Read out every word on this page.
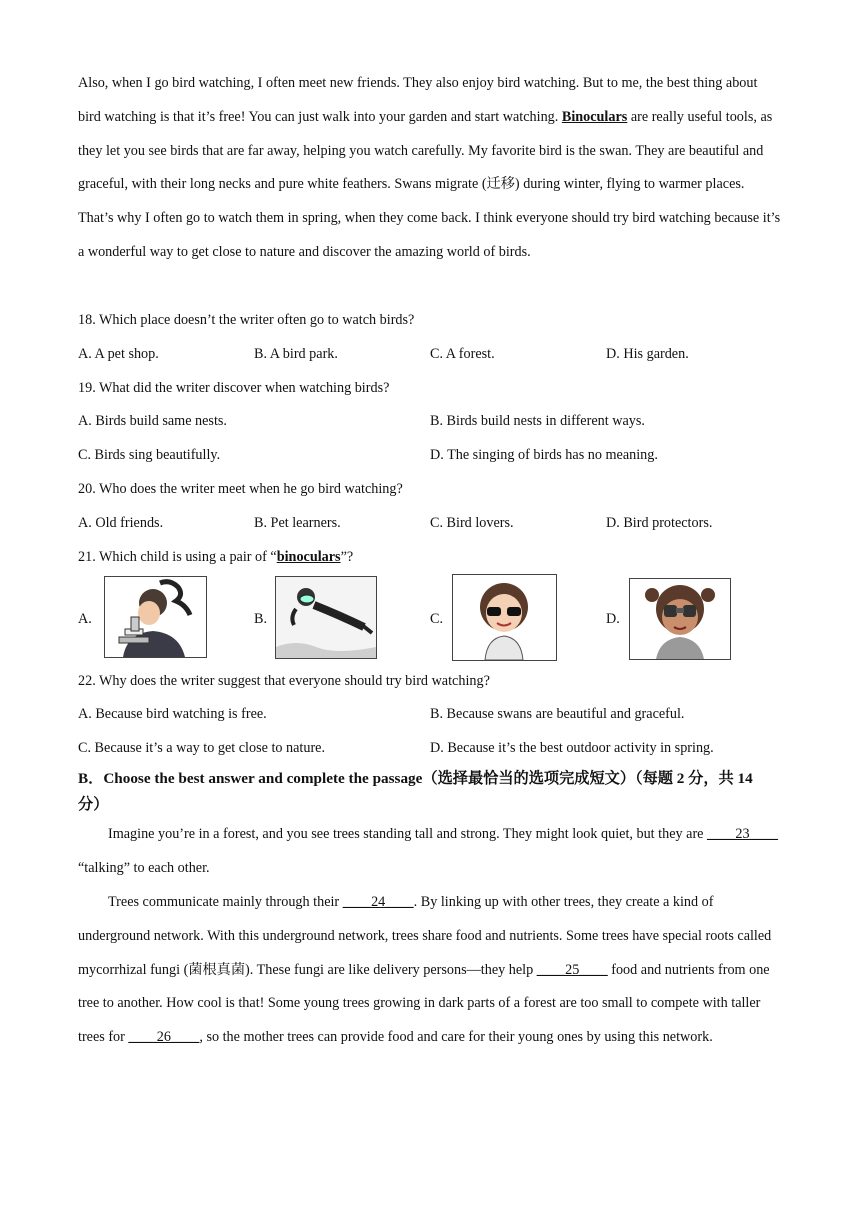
Also, when I go bird watching, I often meet new friends. They also enjoy bird watching. But to me, the best thing about bird watching is that it’s free! You can just walk into your garden and start watching. Binoculars are really useful tools, as they let you see birds that are far away, helping you watch carefully. My favorite bird is the swan. They are beautiful and graceful, with their long necks and pure white feathers. Swans migrate (迁移) during winter, flying to warmer places. That’s why I often go to watch them in spring, when they come back. I think everyone should try bird watching because it’s a wonderful way to get close to nature and discover the amazing world of birds.
18. Which place doesn’t the writer often go to watch birds?
A. A pet shop.	B. A bird park.	C. A forest.	D. His garden.
19. What did the writer discover when watching birds?
A. Birds build same nests.	B. Birds build nests in different ways.
C. Birds sing beautifully.	D. The singing of birds has no meaning.
20. Who does the writer meet when he go bird watching?
A. Old friends.	B. Pet learners.	C. Bird lovers.	D. Bird protectors.
21. Which child is using a pair of “binoculars”?
A.	B.	C.	D.
22. Why does the writer suggest that everyone should try bird watching?
A. Because bird watching is free.	B. Because swans are beautiful and graceful.
C. Because it’s a way to get close to nature.	D. Because it’s the best outdoor activity in spring.
B．Choose the best answer and complete the passage（选择最恰当的选项完成短文）（每题 2 分，共 14 分）
Imagine you’re in a forest, and you see trees standing tall and strong. They might look quiet, but they are ____23____ “talking” to each other.
Trees communicate mainly through their ____24____. By linking up with other trees, they create a kind of underground network. With this underground network, trees share food and nutrients. Some trees have special roots called mycorrhizal fungi (菌根真菌). These fungi are like delivery persons—they help ____25____ food and nutrients from one tree to another. How cool is that! Some young trees growing in dark parts of a forest are too small to compete with taller trees for ____26____, so the mother trees can provide food and care for their young ones by using this network.
